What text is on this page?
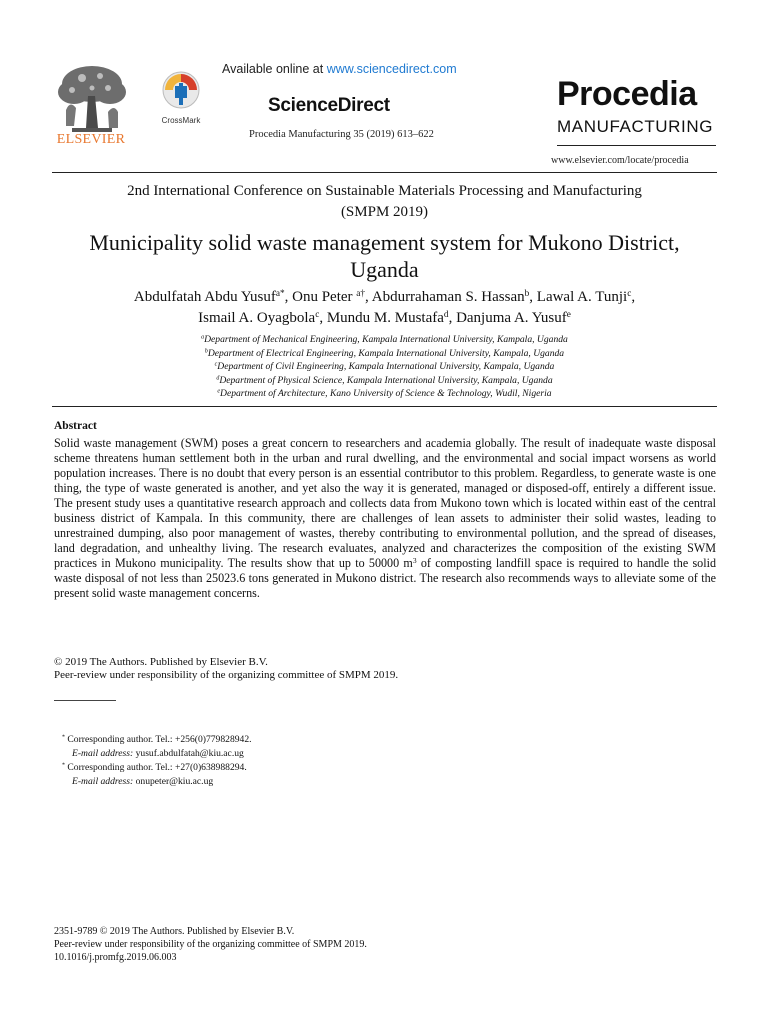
ELSEVIER
CrossMark
Available online at www.sciencedirect.com
ScienceDirect
Procedia Manufacturing 35 (2019) 613–622
Procedia
MANUFACTURING
www.elsevier.com/locate/procedia
2nd International Conference on Sustainable Materials Processing and Manufacturing
(SMPM 2019)
Municipality solid waste management system for Mukono District,
Uganda
Abdulfatah Abdu Yusuf$^{a*}$, Onu Peter $^{a\dagger}$, Abdurrahaman S. Hassan$^b$, Lawal A. Tunji$^c$,
Ismail A. Oyagbola$^c$, Mundu M. Mustafa$^d$, Danjuma A. Yusuf$^e$
$^a$Department of Mechanical Engineering, Kampala International University, Kampala, Uganda
$^b$Department of Electrical Engineering, Kampala International University, Kampala, Uganda
$^c$Department of Civil Engineering, Kampala International University, Kampala, Uganda
$^d$Department of Physical Science, Kampala International University, Kampala, Uganda
$^e$Department of Architecture, Kano University of Science & Technology, Wudil, Nigeria
Abstract

Solid waste management (SWM) poses a great concern to researchers and academia globally. The result of inadequate waste disposal scheme threatens human settlement both in the urban and rural dwelling, and the environmental and social impact worsens as world population increases. There is no doubt that every person is an essential contributor to this problem. Regardless, to generate waste is one thing, the type of waste generated is another, and yet also the way it is generated, managed or disposed-off, entirely a different issue. The present study uses a quantitative research approach and collects data from Mukono town which is located within east of the central business district of Kampala. In this community, there are challenges of lean assets to administer their solid wastes, leading to unrestrained dumping, also poor management of wastes, thereby contributing to environmental pollution, and the spread of diseases, land degradation, and unhealthy living. The research evaluates, analyzed and characterizes the composition of the existing SWM practices in Mukono municipality. The results show that up to 50000 $m^3$ of composting landfill space is required to handle the solid waste disposal of not less than 25023.6 tons generated in Mukono district. The research also recommends ways to alleviate some of the present solid waste management concerns.

© 2019 The Authors. Published by Elsevier B.V.
Peer-review under responsibility of the organizing committee of SMPM 2019.
* Corresponding author. Tel.: +256(0)779828942.
E-mail address: yusuf.abdulfatah@kiu.ac.ug
* Corresponding author. Tel.: +27(0)638988294.
E-mail address: onupeter@kiu.ac.ug
2351-9789 © 2019 The Authors. Published by Elsevier B.V.
Peer-review under responsibility of the organizing committee of SMPM 2019.
10.1016/j.promfg.2019.06.003
